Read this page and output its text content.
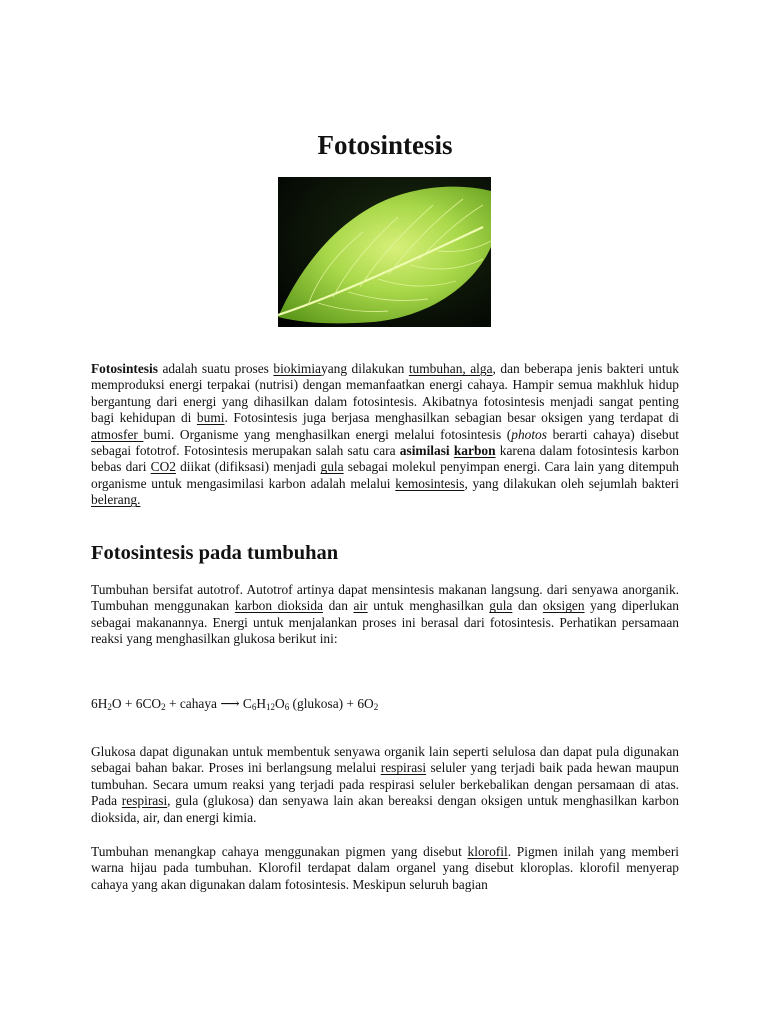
Fotosintesis

Fotosintesis adalah suatu proses biokimiayang dilakukan tumbuhan, alga, dan beberapa jenis bakteri untuk memproduksi energi terpakai (nutrisi) dengan memanfaatkan energi cahaya. Hampir semua makhluk hidup bergantung dari energi yang dihasilkan dalam fotosintesis. Akibatnya fotosintesis menjadi sangat penting bagi kehidupan di bumi. Fotosintesis juga berjasa menghasilkan sebagian besar oksigen yang terdapat di atmosfer bumi. Organisme yang menghasilkan energi melalui fotosintesis (photos berarti cahaya) disebut sebagai fototrof. Fotosintesis merupakan salah satu cara asimilasi karbon karena dalam fotosintesis karbon bebas dari CO2 diikat (difiksasi) menjadi gula sebagai molekul penyimpan energi. Cara lain yang ditempuh organisme untuk mengasimilasi karbon adalah melalui kemosintesis, yang dilakukan oleh sejumlah bakteri belerang.

Fotosintesis pada tumbuhan

Tumbuhan bersifat autotrof. Autotrof artinya dapat mensintesis makanan langsung. dari senyawa anorganik. Tumbuhan menggunakan karbon dioksida dan air untuk menghasilkan gula dan oksigen yang diperlukan sebagai makanannya. Energi untuk menjalankan proses ini berasal dari fotosintesis. Perhatikan persamaan reaksi yang menghasilkan glukosa berikut ini:

$6H_2O + 6CO_2$ + cahaya ⟶ $C_6H_{12}O_6$ (glukosa) + $6O_2$

Glukosa dapat digunakan untuk membentuk senyawa organik lain seperti selulosa dan dapat pula digunakan sebagai bahan bakar. Proses ini berlangsung melalui respirasi seluler yang terjadi baik pada hewan maupun tumbuhan. Secara umum reaksi yang terjadi pada respirasi seluler berkebalikan dengan persamaan di atas. Pada respirasi, gula (glukosa) dan senyawa lain akan bereaksi dengan oksigen untuk menghasilkan karbon dioksida, air, dan energi kimia.

Tumbuhan menangkap cahaya menggunakan pigmen yang disebut klorofil. Pigmen inilah yang memberi warna hijau pada tumbuhan. Klorofil terdapat dalam organel yang disebut kloroplas. klorofil menyerap cahaya yang akan digunakan dalam fotosintesis. Meskipun seluruh bagian
